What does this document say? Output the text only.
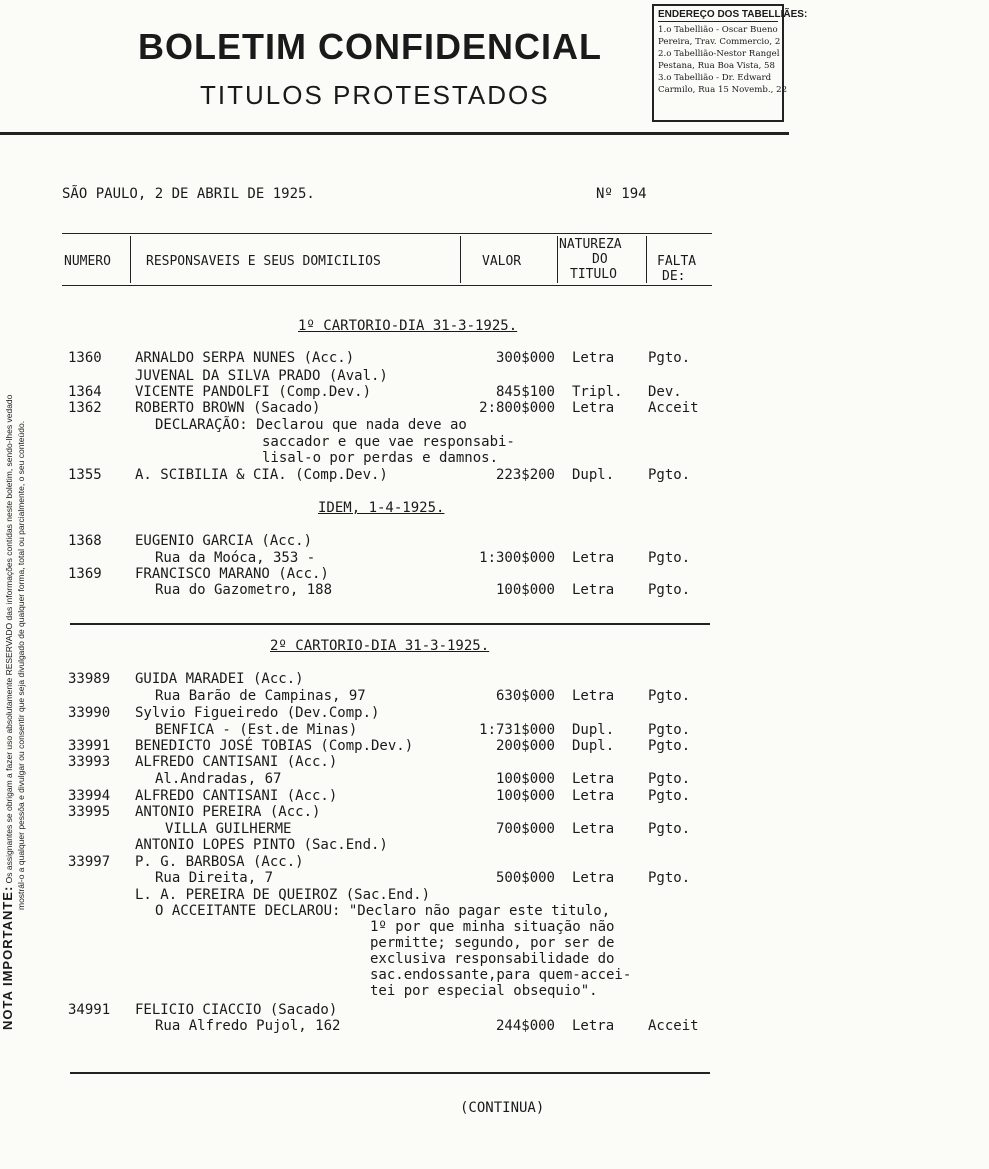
BOLETIM CONFIDENCIAL
TITULOS PROTESTADOS
ENDEREÇO DOS TABELLIÃES:
1.o Tabellião - Oscar Bueno
Pereira, Trav. Commercio, 2
2.o Tabellião-Nestor Rangel
Pestana, Rua Boa Vista, 58
3.o Tabellião - Dr. Edward
Carmilo, Rua 15 Novemb., 22
NOTA IMPORTANTE: Os assignantes se obrigam a fazer uso absolutamente RESERVADO das informações contidas neste boletim, sendo-lhes vedado mostrál-o a qualquer pessôa e divulgar ou consentir que seja divulgado de qualquer forma, total ou parcialmente, o seu conteúdo.
SÃO PAULO, 2 DE ABRIL DE 1925.	Nº 194
NUMERO	RESPONSAVEIS E SEUS DOMICILIOS	VALOR
NATUREZA
DO
TITULO
FALTA
DE:
1º CARTORIO-DIA 31-3-1925.
IDEM, 1-4-1925.
2º CARTORIO-DIA 31-3-1925.
1360 ARNALDO SERPA NUNES (Acc.)	300$000 Letra Pgto.
JUVENAL DA SILVA PRADO (Aval.)
1364 VICENTE PANDOLFI (Comp.Dev.)	845$100 Tripl. Dev.
1362 ROBERTO BROWN (Sacado)	2:800$000 Letra Acceit
DECLARAÇÃO: Declarou que nada deve ao
saccador e que vae responsabi-
lisal-o por perdas e damnos.
1355 A. SCIBILIA & CIA. (Comp.Dev.)	223$200 Dupl. Pgto.
1368 EUGENIO GARCIA (Acc.)
Rua da Moóca, 353 -	1:300$000 Letra Pgto.
1369 FRANCISCO MARANO (Acc.)
Rua do Gazometro, 188	100$000 Letra Pgto.
33989 GUIDA MARADEI (Acc.)
Rua Barão de Campinas, 97	630$000 Letra Pgto.
33990 Sylvio Figueiredo (Dev.Comp.)
BENFICA - (Est.de Minas)	1:731$000 Dupl. Pgto.
33991 BENEDICTO JOSÉ TOBIAS (Comp.Dev.)	200$000 Dupl. Pgto.
33993 ALFREDO CANTISANI (Acc.)
Al.Andradas, 67	100$000 Letra Pgto.
33994 ALFREDO CANTISANI (Acc.)	100$000 Letra Pgto.
33995 ANTONIO PEREIRA (Acc.)
VILLA GUILHERME	700$000 Letra Pgto.
ANTONIO LOPES PINTO (Sac.End.)
33997 P. G. BARBOSA (Acc.)
Rua Direita, 7	500$000 Letra Pgto.
L. A. PEREIRA DE QUEIROZ (Sac.End.)
O ACCEITANTE DECLAROU: "Declaro não pagar este titulo,
1º por que minha situação não
permitte; segundo, por ser de
exclusiva responsabilidade do
sac.endossante,para quem-accei-
tei por especial obsequio".
34991 FELICIO CIACCIO (Sacado)
Rua Alfredo Pujol, 162	244$000 Letra Acceit
(CONTINUA)
